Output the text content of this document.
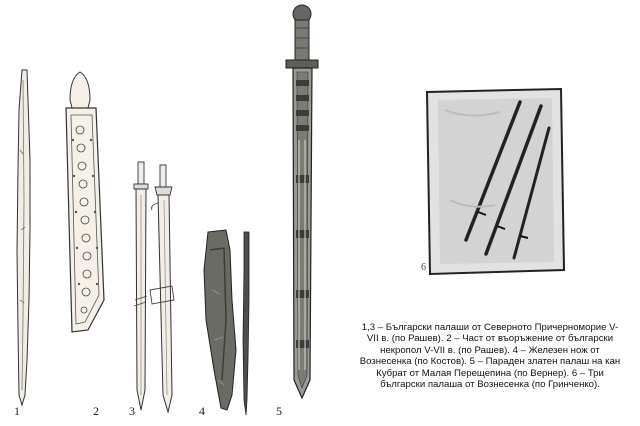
1	2	3	4	5
6
1,3 – Български палаши от Северното Причерноморие V-
VII в. (по Рашев). 2 – Част от въоръжение от български
некропол V-VII в. (по Рашев). 4 – Железен нож от
Вознесенка (по Костов). 5 – Параден златен палаш на кан
Кубрат от Малая Перещепина (по Вернер). 6 – Три
български палаша от Вознесенка (по Гринченко).
